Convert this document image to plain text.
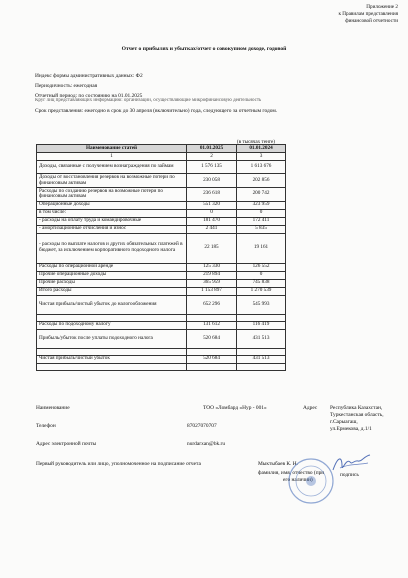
Приложение 2
к Правилам представления
финансовой отчетности
Отчет о прибылях и убытках/отчет о совокупном доходе, годовой
Индекс формы административных данных: Ф2
Периодичность: ежегодная
Отчетный период: по состоянию на 01.01.2025
Круг лиц представляющих информацию: организации, осуществляющие микрофинансовую деятельность
Срок представления: ежегодно в срок до 30 апреля (включительно) года, следующего за отчетным годом.
(в тысячах тенге)
Наименование статей	01.01.2025	01.01.2024
1	2	3
Доходы, связанные с получением вознаграждения по займам	1 576 135	1 613 676
Доходы от восстановления резервов на возможные потери по финансовым активам	230 058	202 856
Расходы по созданию резервов на возможные потери по финансовым активам	236 618	200 742
Операционные доходы	551 320	323 959
в том числе:	0	0
- расходы на оплату труда и командировочные	181 470	172 411
- амортизационные отчисления и износ	2 441	5 835
- расходы по выплате налогов и других обязательных платежей в бюджет, за исключением корпоративного подоходного налога	22 185	19 161
Расходы по операционной аренде	125 330	126 552
Прочие операционные доходы	219 894	0
Прочие расходы	365 959	745 838
Итого расходы	1 153 897	1 270 539
Чистая прибыль/чистый убыток до налогообложения	652 296	545 993

Расходы по подоходному налогу	131 612	116 419
Прибыль/убыток после уплаты подоходного налога	520 684	431 513

Чистая прибыль/чистый убыток	520 684	431 513

Наименование	ТОО «Ломбард «Нур - 001»	Адрес Республика Казахстан,
Туркестанская область,
г.Сарыагаш,
ул.Ермекова, д.1/1
Телефон	87027070707
Адрес электронной почты	nurdarxan@bk.ru
Первый руководитель или лицо, уполномоченное на подписание отчета	Мыктыбаев К. Н.
фамилия, имя, отчество (при
его наличии)
подпись
